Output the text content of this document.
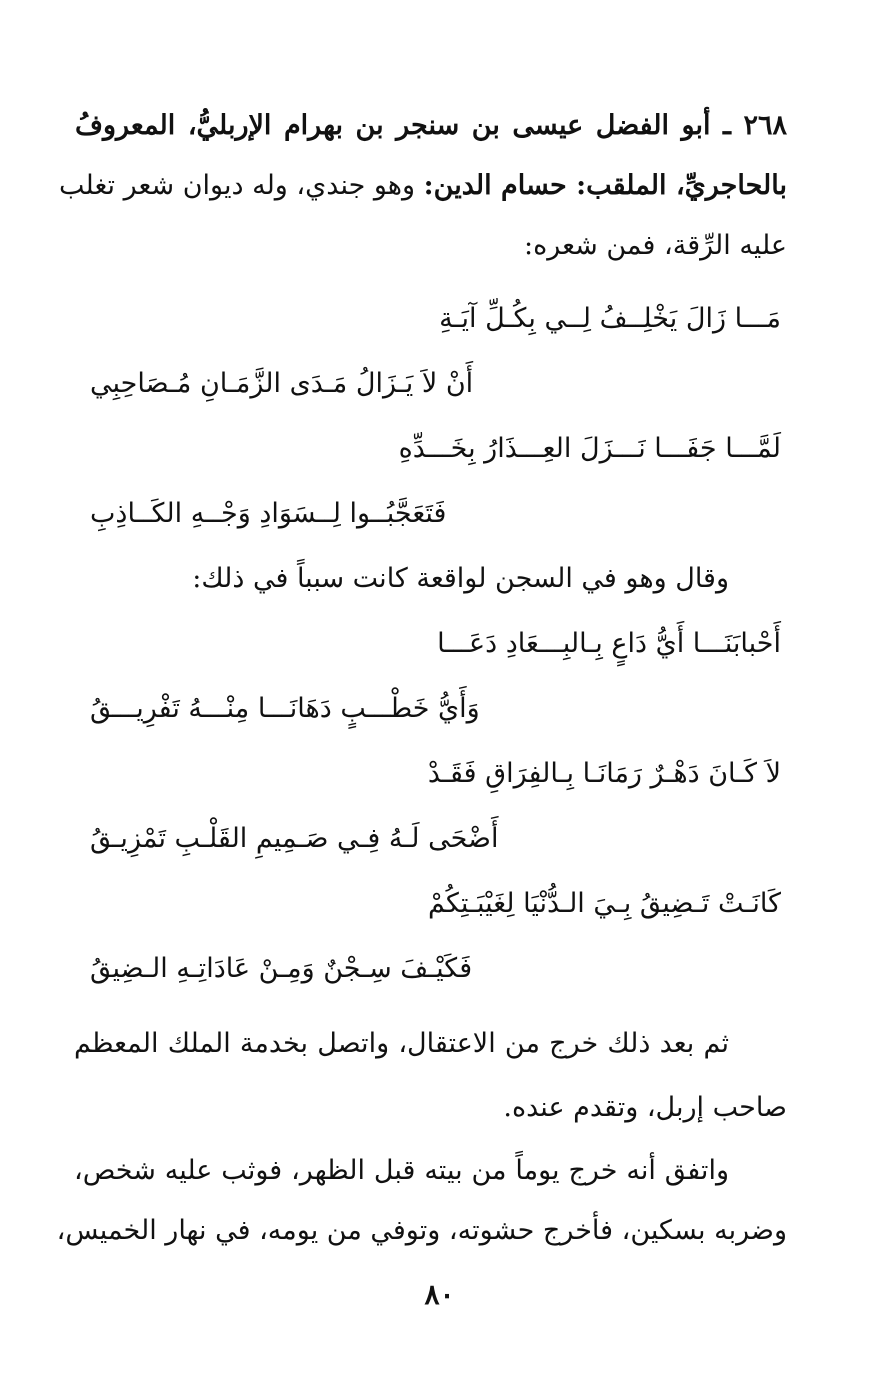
٢٦٨ ـ أبو الفضل عيسى بن سنجر بن بهرام الإربليُّ، المعروفُ
بالحاجريِّ، الملقب: حسام الدين: وهو جندي، وله ديوان شعر تغلب
عليه الرِّقة، فمن شعره:
مَـــا زَالَ يَخْلِــفُ لِــي بِكُـلِّ آيَـةِ
أَنْ لاَ يَـزَالُ مَـدَى الزَّمَـانِ مُـصَاحِبِي
لَمَّـــا جَفَـــا نَـــزَلَ العِـــذَارُ بِخَـــدِّهِ
فَتَعَجَّبُــوا لِــسَوَادِ وَجْــهِ الكَــاذِبِ
وقال وهو في السجن لواقعة كانت سبباً في ذلك:
أَحْبابَنَـــا أَيُّ دَاعٍ بِـالبِـــعَادِ دَعَـــا
وَأَيُّ خَطْـــبٍ دَهَانَـــا مِنْـــهُ تَفْرِيـــقُ
لاَ كَـانَ دَهْـرٌ رَمَانَـا بِـالفِرَاقِ فَقَـدْ
أَضْحَى لَـهُ فِـي صَـمِيمِ القَلْـبِ تَمْزِيـقُ
كَانَـتْ تَـضِيقُ بِـيَ الـدُّنْيَا لِغَيْبَـتِكُمْ
فَكَيْـفَ سِـجْنٌ وَمِـنْ عَادَاتِـهِ الـضِيقُ
ثم بعد ذلك خرج من الاعتقال، واتصل بخدمة الملك المعظم
صاحب إربل، وتقدم عنده.
واتفق أنه خرج يوماً من بيته قبل الظهر، فوثب عليه شخص،
وضربه بسكين، فأخرج حشوته، وتوفي من يومه، في نهار الخميس،
٨٠
